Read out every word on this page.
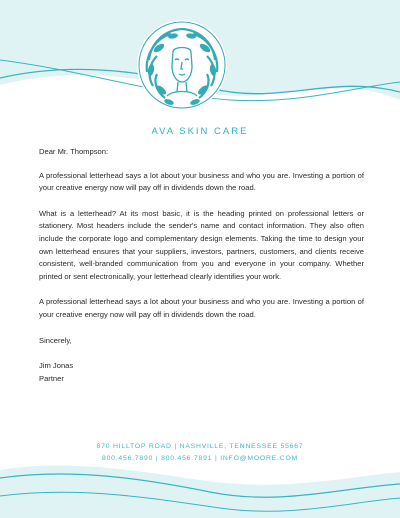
AVA SKIN CARE

Dear Mr. Thompson:

A professional letterhead says a lot about your business and who you are. Investing a portion of your creative energy now will pay off in dividends down the road.

What is a letterhead? At its most basic, it is the heading printed on professional letters or stationery. Most headers include the sender's name and contact information. They also often include the corporate logo and complementary design elements. Taking the time to design your own letterhead ensures that your suppliers, investors, partners, customers, and clients receive consistent, well-branded communication from you and everyone in your company. Whether printed or sent electronically, your letterhead clearly identifies your work.

A professional letterhead says a lot about your business and who you are. Investing a portion of your creative energy now will pay off in dividends down the road.

Sincerely,

Jim Jonas

Partner

870 HILLTOP ROAD | NASHVILLE, TENNESSEE 55667
800.456.7890 | 800.456.7891 | INFO@MOORE.COM
